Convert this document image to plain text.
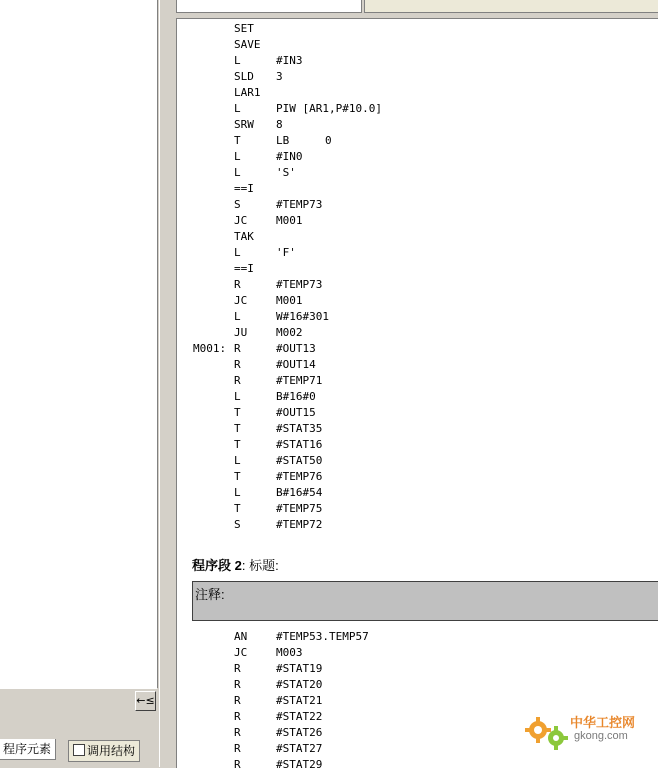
←≤
程序元素	调用结构
SET
SAVE
L	#IN3
SLD 3
LAR1
L	PIW [AR1,P#10.0]
SRW 8
T	LB	0
L	#IN0
L	'S'
==I
S	#TEMP73
JC	M001
TAK
L	'F'
==I
R	#TEMP73
JC	M001
L	W#16#301
JU	M002
M001: R	#OUT13
R	#OUT14
R	#TEMP71
L	B#16#0
T	#OUT15
T	#STAT35
T	#STAT16
L	#STAT50
T	#TEMP76
L	B#16#54
T	#TEMP75
S	#TEMP72
程序段 2: 标题:
注释:
AN	#TEMP53.TEMP57
JC	M003
R	#STAT19
R	#STAT20
R	#STAT21
R	#STAT22
R	#STAT26
R	#STAT27
R	#STAT29
中华工控网
gkong.com
